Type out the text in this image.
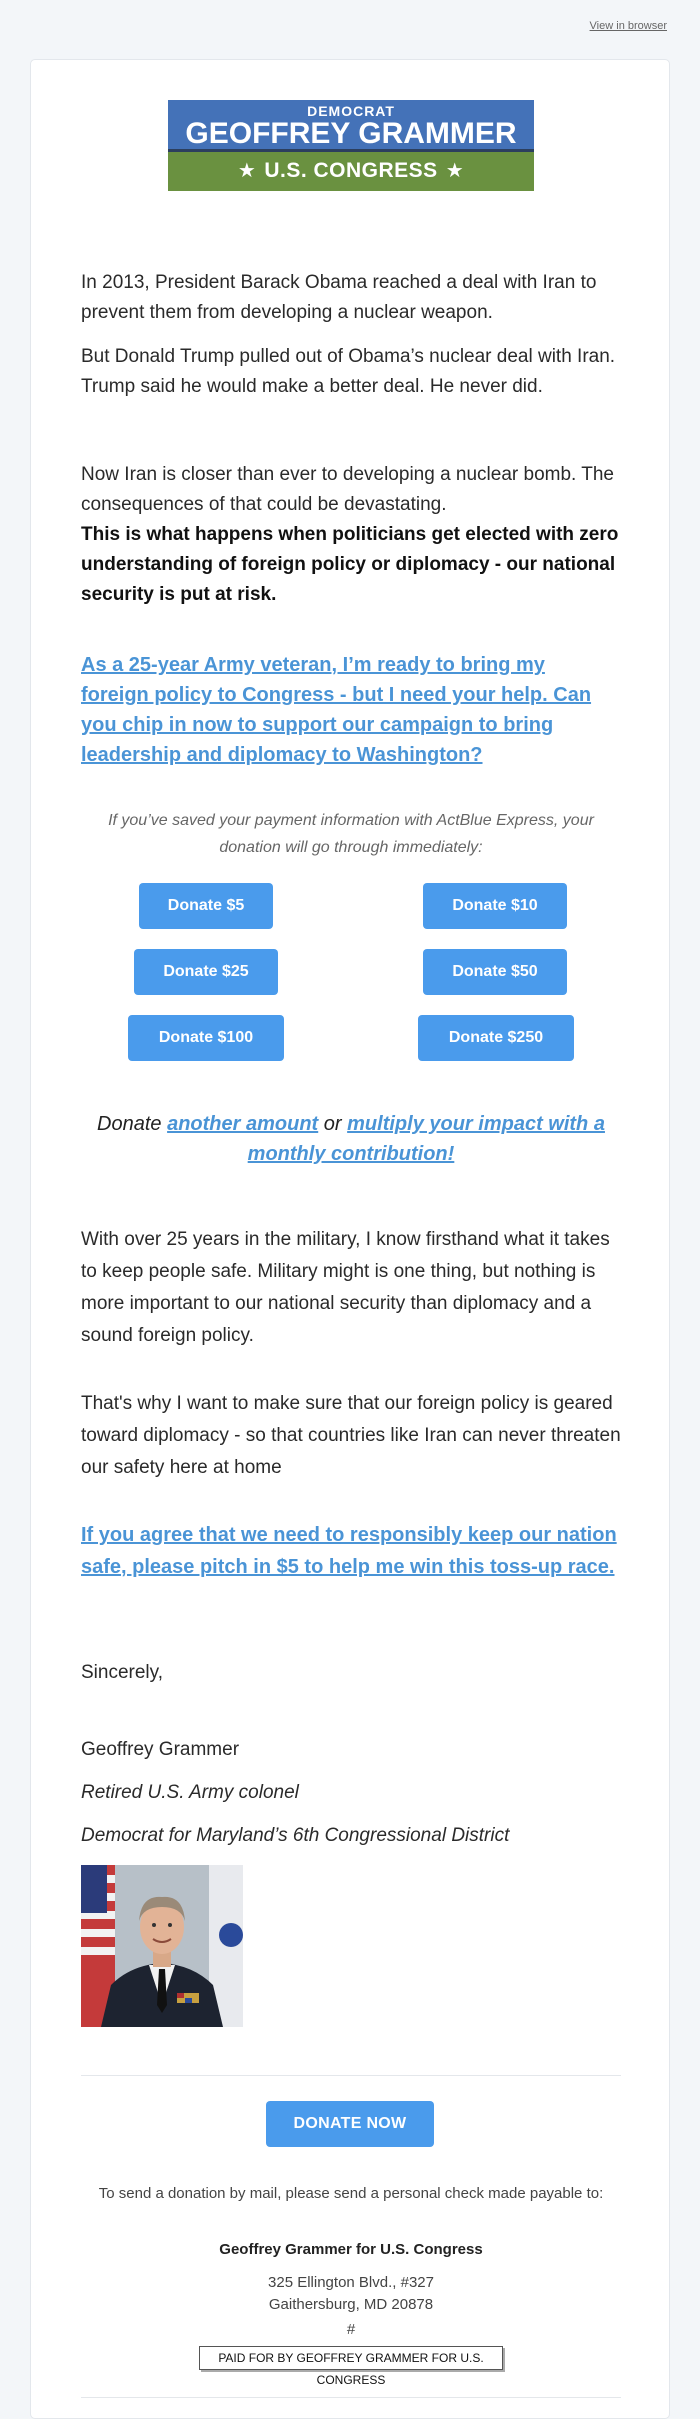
View in browser
DEMOCRAT
GEOFFREY GRAMMER
★ U.S. CONGRESS ★

In 2013, President Barack Obama reached a deal with Iran to prevent them from developing a nuclear weapon.

But Donald Trump pulled out of Obama’s nuclear deal with Iran. Trump said he would make a better deal. He never did.

Now Iran is closer than ever to developing a nuclear bomb. The consequences of that could be devastating.

This is what happens when politicians get elected with zero understanding of foreign policy or diplomacy - our national security is put at risk.

As a 25-year Army veteran, I’m ready to bring my foreign policy to Congress - but I need your help. Can you chip in now to support our campaign to bring leadership and diplomacy to Washington?

If you’ve saved your payment information with ActBlue Express, your donation will go through immediately:

Donate $5	Donate $10
Donate $25	Donate $50
Donate $100	Donate $250

Donate another amount or multiply your impact with a monthly contribution!

With over 25 years in the military, I know firsthand what it takes to keep people safe. Military might is one thing, but nothing is more important to our national security than diplomacy and a sound foreign policy.

That's why I want to make sure that our foreign policy is geared toward diplomacy - so that countries like Iran can never threaten our safety here at home

If you agree that we need to responsibly keep our nation safe, please pitch in $5 to help me win this toss-up race.

Sincerely,

Geoffrey Grammer

Retired U.S. Army colonel

Democrat for Maryland’s 6th Congressional District

DONATE NOW

To send a donation by mail, please send a personal check made payable to:

Geoffrey Grammer for U.S. Congress

325 Ellington Blvd., #327

Gaithersburg, MD 20878

#

PAID FOR BY GEOFFREY GRAMMER FOR U.S. CONGRESS
